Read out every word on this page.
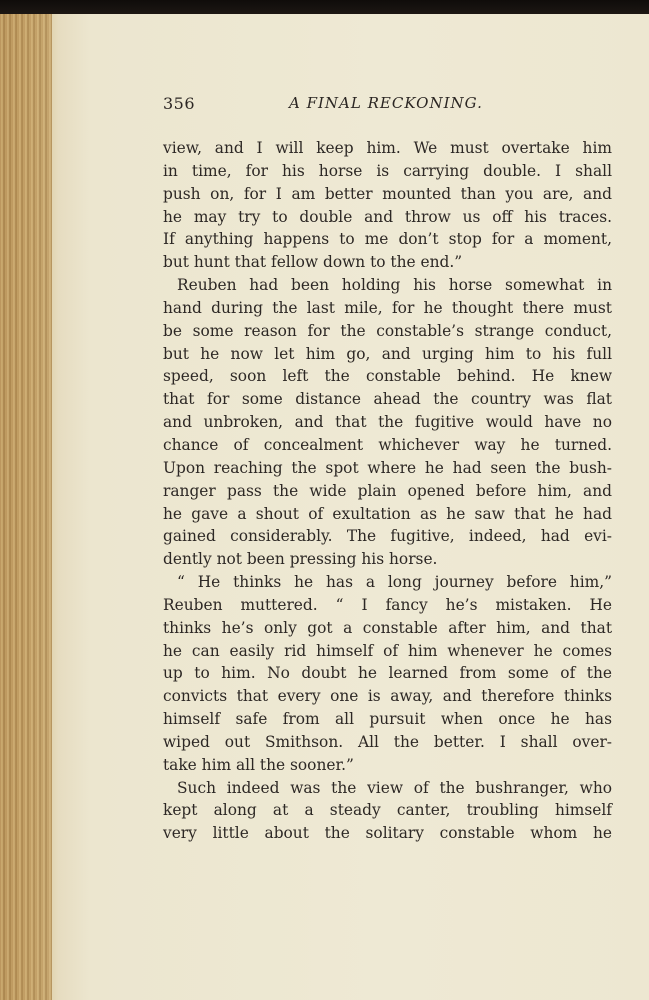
356	A FINAL RECKONING.
view, and I will keep him. We must overtake him
in time, for his horse is carrying double. I shall
push on, for I am better mounted than you are, and
he may try to double and throw us off his traces.
If anything happens to me don’t stop for a moment,
but hunt that fellow down to the end.”
Reuben had been holding his horse somewhat in
hand during the last mile, for he thought there must
be some reason for the constable’s strange conduct,
but he now let him go, and urging him to his full
speed, soon left the constable behind. He knew
that for some distance ahead the country was flat
and unbroken, and that the fugitive would have no
chance of concealment whichever way he turned.
Upon reaching the spot where he had seen the bush-
ranger pass the wide plain opened before him, and
he gave a shout of exultation as he saw that he had
gained considerably. The fugitive, indeed, had evi-
dently not been pressing his horse.
“ He thinks he has a long journey before him,”
Reuben muttered. “ I fancy he’s mistaken. He
thinks he’s only got a constable after him, and that
he can easily rid himself of him whenever he comes
up to him. No doubt he learned from some of the
convicts that every one is away, and therefore thinks
himself safe from all pursuit when once he has
wiped out Smithson. All the better. I shall over-
take him all the sooner.”
Such indeed was the view of the bushranger, who
kept along at a steady canter, troubling himself
very little about the solitary constable whom he
